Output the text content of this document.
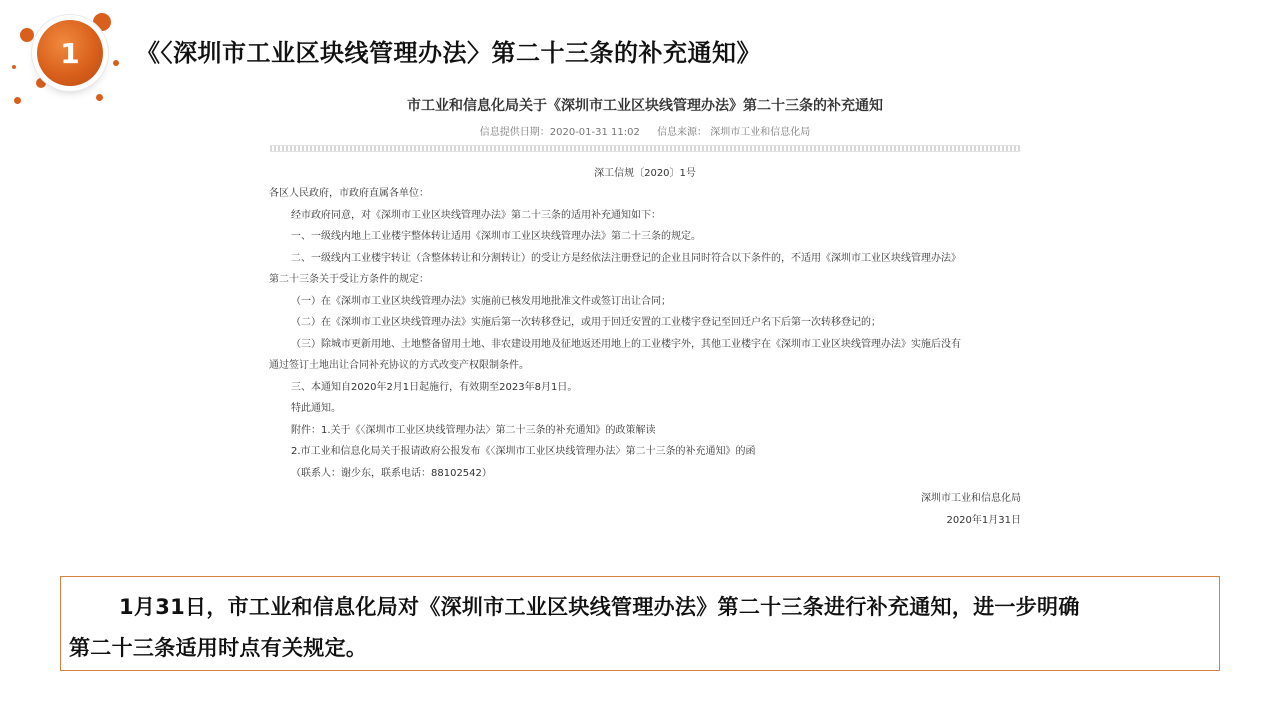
1	《〈深圳市工业区块线管理办法〉第二十三条的补充通知》
市工业和信息化局关于《深圳市工业区块线管理办法》第二十三条的补充通知
信息提供日期：2020-01-31 11:02 信息来源： 深圳市工业和信息化局
深工信规〔2020〕1号

各区人民政府，市政府直属各单位：

经市政府同意，对《深圳市工业区块线管理办法》第二十三条的适用补充通知如下：

一、一级线内地上工业楼宇整体转让适用《深圳市工业区块线管理办法》第二十三条的规定。

二、一级线内工业楼宇转让（含整体转让和分割转让）的受让方是经依法注册登记的企业且同时符合以下条件的，不适用《深圳市工业区块线管理办法》

第二十三条关于受让方条件的规定：

（一）在《深圳市工业区块线管理办法》实施前已核发用地批准文件或签订出让合同；

（二）在《深圳市工业区块线管理办法》实施后第一次转移登记，或用于回迁安置的工业楼宇登记至回迁户名下后第一次转移登记的；

（三）除城市更新用地、土地整备留用土地、非农建设用地及征地返还用地上的工业楼宇外，其他工业楼宇在《深圳市工业区块线管理办法》实施后没有

通过签订土地出让合同补充协议的方式改变产权限制条件。

三、本通知自2020年2月1日起施行，有效期至2023年8月1日。

特此通知。

附件：1.关于《〈深圳市工业区块线管理办法〉第二十三条的补充通知》的政策解读

2.市工业和信息化局关于报请政府公报发布《〈深圳市工业区块线管理办法〉第二十三条的补充通知》的函

（联系人：谢少东，联系电话：88102542）

深圳市工业和信息化局

2020年1月31日

1月31日，市工业和信息化局对《深圳市工业区块线管理办法》第二十三条进行补充通知，进一步明确
第二十三条适用时点有关规定。
